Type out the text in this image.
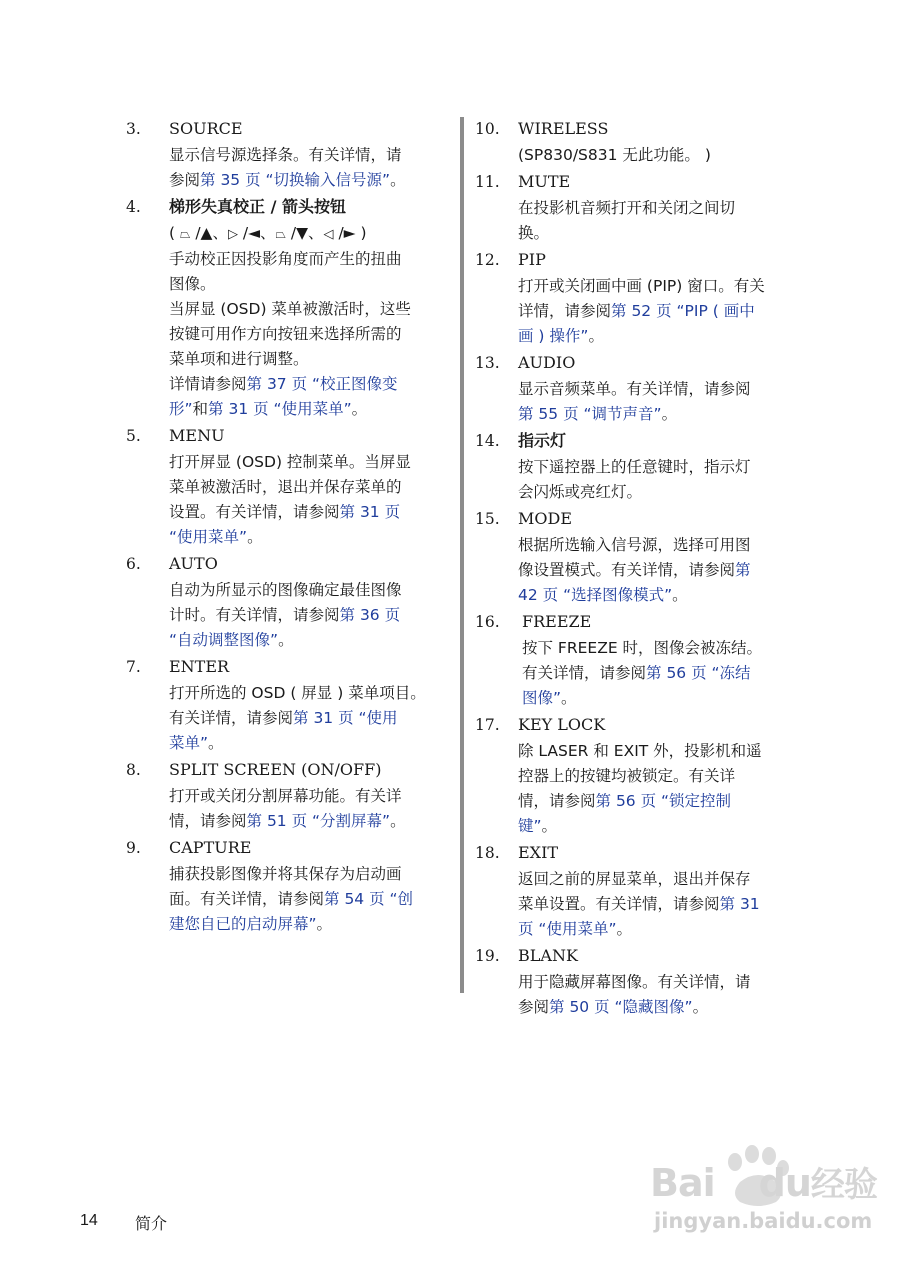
3.	SOURCE
显示信号源选择条。有关详情，请
参阅第 35 页 “切换输入信号源”。
4.	梯形失真校正 / 箭头按钮
( ⏢ /▲、▷ /◄、⏢ /▼、◁ /► )
手动校正因投影角度而产生的扭曲
图像。
当屏显 (OSD) 菜单被激活时，这些
按键可用作方向按钮来选择所需的
菜单项和进行调整。
详情请参阅第 37 页 “校正图像变
形”和第 31 页 “使用菜单”。
5.	MENU
打开屏显 (OSD) 控制菜单。当屏显
菜单被激活时，退出并保存菜单的
设置。有关详情，请参阅第 31 页
“使用菜单”。
6.	AUTO
自动为所显示的图像确定最佳图像
计时。有关详情，请参阅第 36 页
“自动调整图像”。
7.	ENTER
打开所选的 OSD ( 屏显 ) 菜单项目。
有关详情，请参阅第 31 页 “使用
菜单”。
8.	SPLIT SCREEN (ON/OFF)
打开或关闭分割屏幕功能。有关详
情，请参阅第 51 页 “分割屏幕”。
9.	CAPTURE
捕获投影图像并将其保存为启动画
面。有关详情，请参阅第 54 页 “创
建您自已的启动屏幕”。
10.	WIRELESS
(SP830/S831 无此功能。 )
11.	MUTE
在投影机音频打开和关闭之间切
换。
12.	PIP
打开或关闭画中画 (PIP) 窗口。有关
详情，请参阅第 52 页 “PIP ( 画中
画 ) 操作”。
13.	AUDIO
显示音频菜单。有关详情，请参阅
第 55 页 “调节声音”。
14.	指示灯
按下遥控器上的任意键时，指示灯
会闪烁或亮红灯。
15.	MODE
根据所选输入信号源，选择可用图
像设置模式。有关详情，请参阅第
42 页 “选择图像模式”。
16.	FREEZE
按下 FREEZE 时，图像会被冻结。
有关详情，请参阅第 56 页 “冻结
图像”。
17.	KEY LOCK
除 LASER 和 EXIT 外，投影机和遥
控器上的按键均被锁定。有关详
情，请参阅第 56 页 “锁定控制
键”。
18.	EXIT
返回之前的屏显菜单，退出并保存
菜单设置。有关详情，请参阅第 31
页 “使用菜单”。
19.	BLANK
用于隐藏屏幕图像。有关详情，请
参阅第 50 页 “隐藏图像”。
14 简介
Bai du经验
jingyan.baidu.com
